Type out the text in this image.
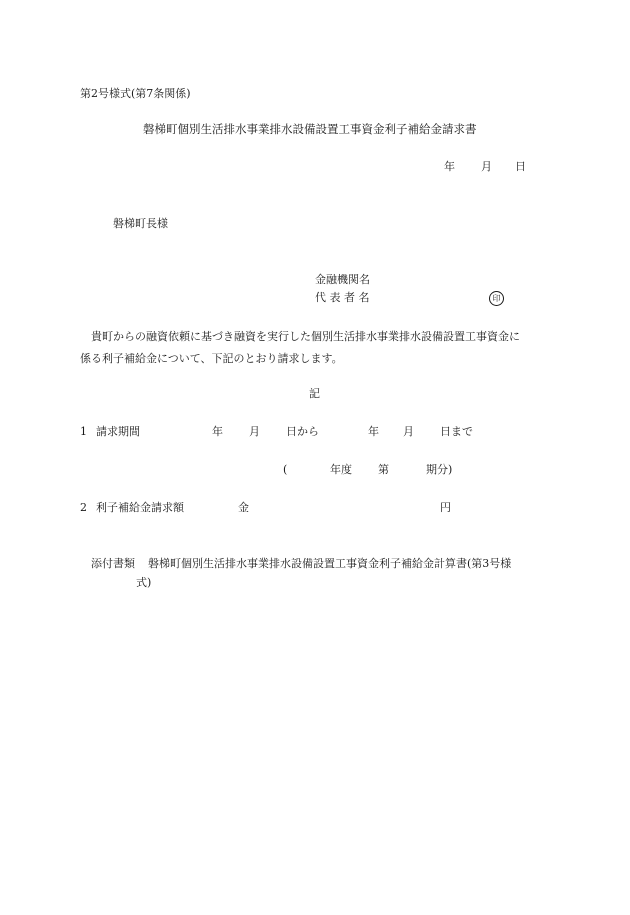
第2号様式(第7条関係)
磐梯町個別生活排水事業排水設備設置工事資金利子補給金請求書
年 月 日
磐梯町長様
金融機関名
代 表 者 名	印
貴町からの融資依頼に基づき融資を実行した個別生活排水事業排水設備設置工事資金に
係る利子補給金について、下記のとおり請求します。
記
1 請求期間	年 月 日から	年 月 日まで
(	年度 第	期分)
2 利子補給金請求額	金	円
添付書類 磐梯町個別生活排水事業排水設備設置工事資金利子補給金計算書(第3号様
式)
